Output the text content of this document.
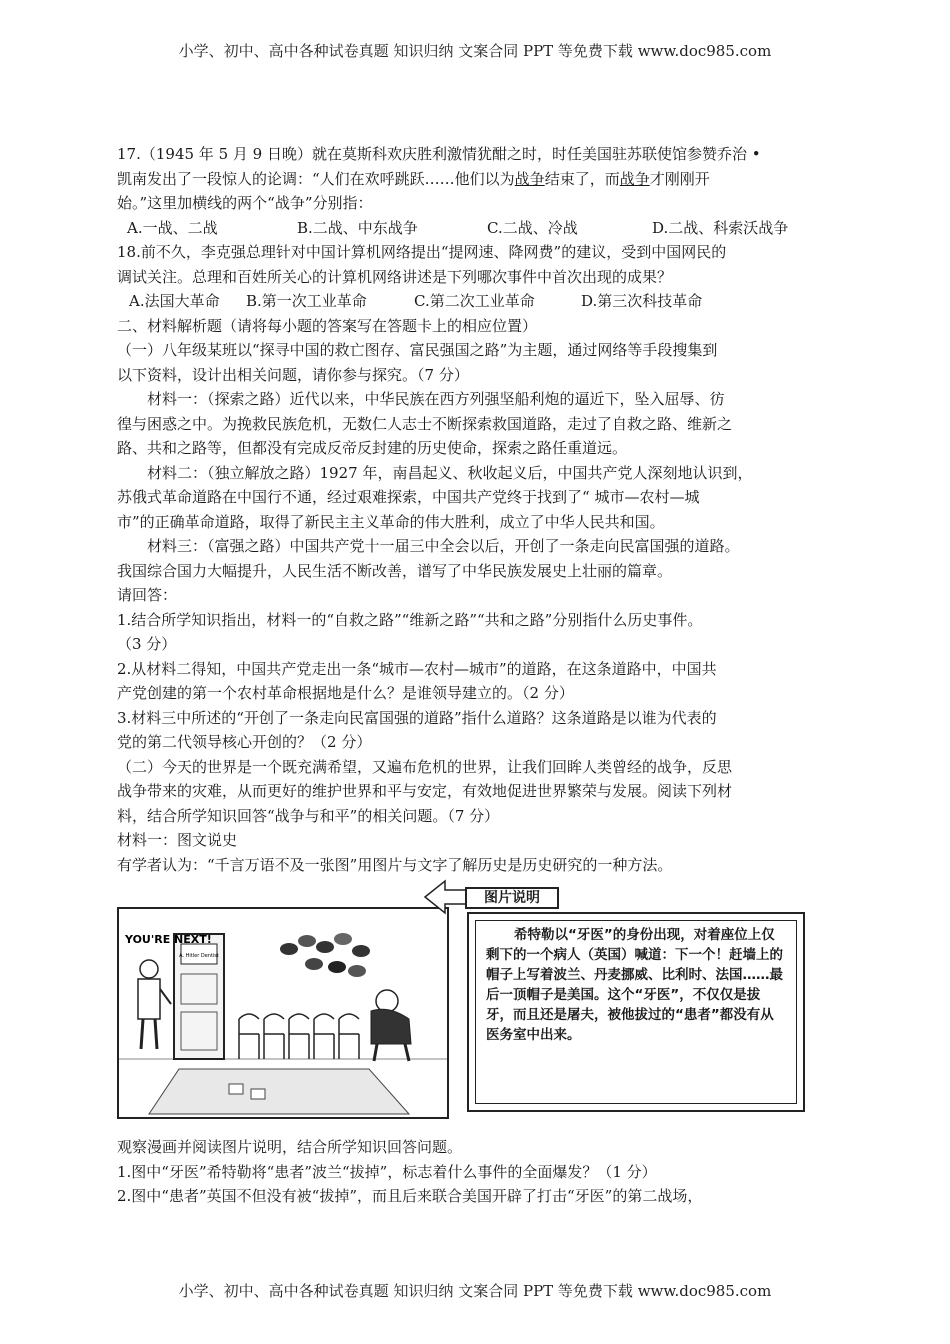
小学、初中、高中各种试卷真题 知识归纳 文案合同 PPT 等免费下载 www.doc985.com

17.（1945 年 5 月 9 日晚）就在莫斯科欢庆胜利激情犹酣之时，时任美国驻苏联使馆参赞乔治 •

凯南发出了一段惊人的论调：“人们在欢呼跳跃……他们以为战争结束了，而战争才刚刚开

始。”这里加横线的两个“战争”分别指：

A.一战、二战	B.二战、中东战争	C.二战、冷战	D.二战、科索沃战争

18.前不久，李克强总理针对中国计算机网络提出“提网速、降网费”的建议，受到中国网民的

调试关注。总理和百姓所关心的计算机网络讲述是下列哪次事件中首次出现的成果？

A.法国大革命	B.第一次工业革命	C.第二次工业革命	D.第三次科技革命

二、材料解析题（请将每小题的答案写在答题卡上的相应位置）

（一）八年级某班以“探寻中国的救亡图存、富民强国之路”为主题，通过网络等手段搜集到

以下资料，设计出相关问题，请你参与探究。（7 分）

材料一：（探索之路）近代以来，中华民族在西方列强坚船利炮的逼近下，坠入屈辱、彷

徨与困惑之中。为挽救民族危机，无数仁人志士不断探索救国道路，走过了自救之路、维新之

路、共和之路等，但都没有完成反帝反封建的历史使命，探索之路任重道远。

材料二：（独立解放之路）1927 年，南昌起义、秋收起义后，中国共产党人深刻地认识到，

苏俄式革命道路在中国行不通，经过艰难探索，中国共产党终于找到了“ 城市—农村—城

市”的正确革命道路，取得了新民主主义革命的伟大胜利，成立了中华人民共和国。

材料三：（富强之路）中国共产党十一届三中全会以后，开创了一条走向民富国强的道路。

我国综合国力大幅提升，人民生活不断改善，谱写了中华民族发展史上壮丽的篇章。

请回答：

1.结合所学知识指出，材料一的“自救之路”“维新之路”“共和之路”分别指什么历史事件。

（3 分）

2.从材料二得知，中国共产党走出一条“城市—农村—城市”的道路，在这条道路中，中国共

产党创建的第一个农村革命根据地是什么？是谁领导建立的。（2 分）

3.材料三中所述的“开创了一条走向民富国强的道路”指什么道路？这条道路是以谁为代表的

党的第二代领导核心开创的？（2 分）

（二）今天的世界是一个既充满希望，又遍布危机的世界，让我们回眸人类曾经的战争，反思

战争带来的灾难，从而更好的维护世界和平与安定，有效地促进世界繁荣与发展。阅读下列材

料，结合所学知识回答“战争与和平”的相关问题。（7 分）

材料一：图文说史

有学者认为：“千言万语不及一张图”用图片与文字了解历史是历史研究的一种方法。

A. Hitler Dentist
YOU'RE NEXT!
图片说明
希特勒以“牙医”的身份出现，对着座位上仅剩下的一个病人（英国）喊道：下一个！赶墙上的帽子上写着波兰、丹麦挪威、比利时、法国……最后一顶帽子是美国。这个“牙医”，不仅仅是拔牙，而且还是屠夫，被他拔过的“患者”都没有从医务室中出来。

观察漫画并阅读图片说明，结合所学知识回答问题。

1.图中“牙医”希特勒将“患者”波兰“拔掉”，标志着什么事件的全面爆发？（1 分）

2.图中“患者”英国不但没有被“拔掉”，而且后来联合美国开辟了打击“牙医”的第二战场，

小学、初中、高中各种试卷真题 知识归纳 文案合同 PPT 等免费下载 www.doc985.com
